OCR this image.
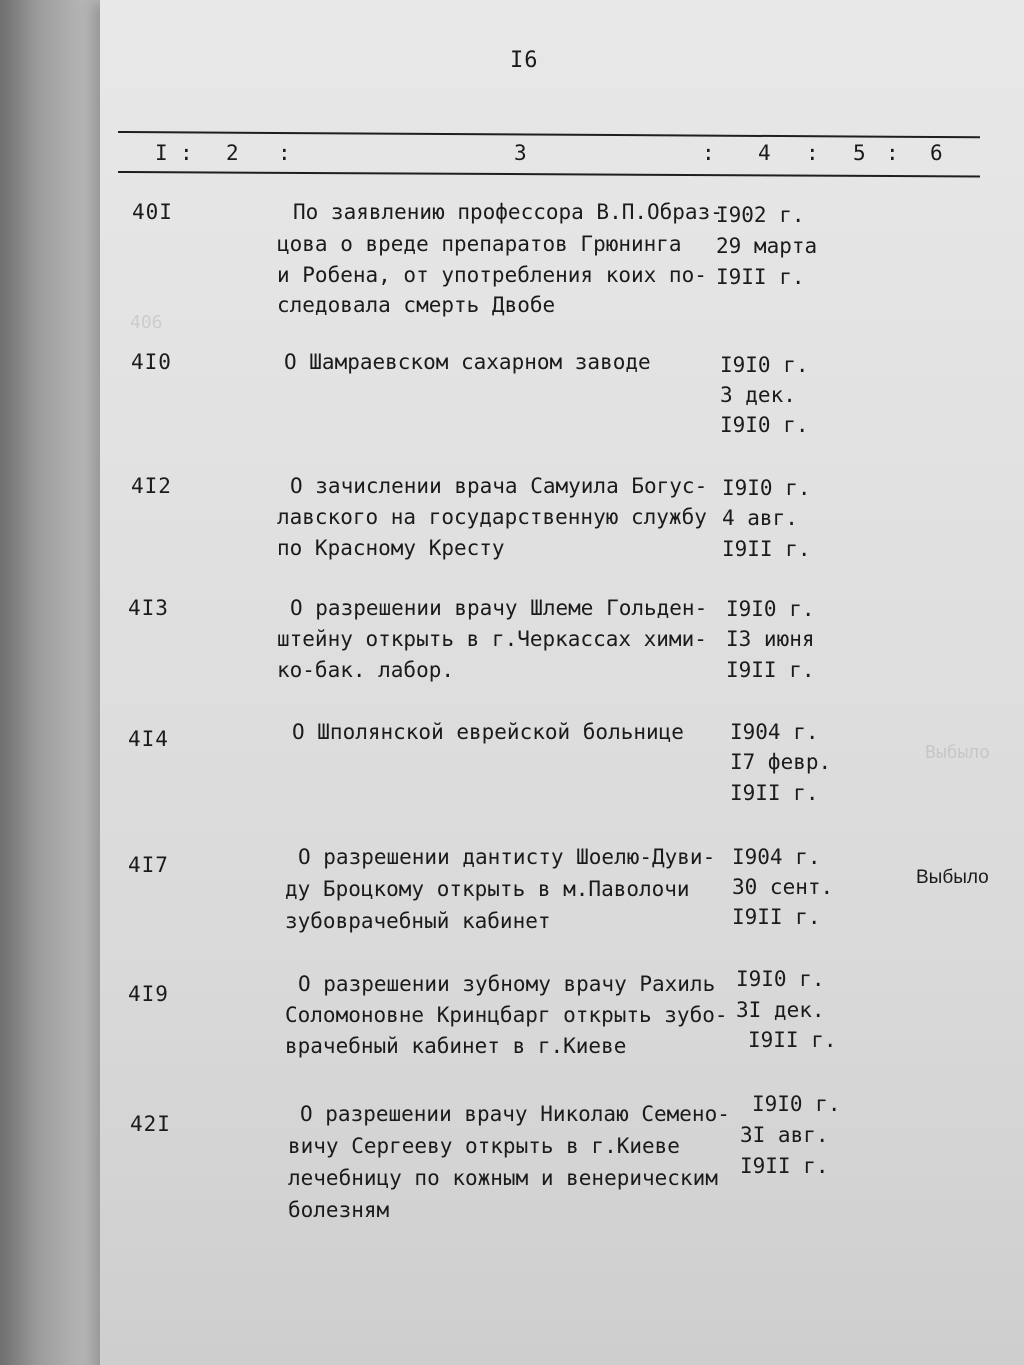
406
Выбыло
I6
I : 2 :	3	: 4 : 5 : 6
40I	По заявлению профессора В.П.Образ-
цова о вреде препаратов Грюнинга
и Робена, от употребления коих по-
следовала смерть Двобе
I902 г.
29 марта
I9II г.
4I0	О Шамраевском сахарном заводе	I9I0 г.
3 дек.
I9I0 г.
4I2	О зачислении врача Самуила Богус-
лавского на государственную службу
по Красному Кресту
I9I0 г.
4 авг.
I9II г.
4I3	О разрешении врачу Шлеме Гольден-
штейну открыть в г.Черкассах хими-
ко-бак. лабор.
I9I0 г.
I3 июня
I9II г.
4I4	О Шполянской еврейской больнице I904 г.
I7 февр.
I9II г.
4I7	О разрешении дантисту Шоелю-Дуви-
ду Броцкому открыть в м.Паволочи
зубоврачебный кабинет
I904 г.
30 сент.
I9II г.
Выбыло
4I9	О разрешении зубному врачу Рахиль
Соломоновне Кринцбарг открыть зубо-
врачебный кабинет в г.Киеве
I9I0 г.
3I дек.
I9II г.
42I	О разрешении врачу Николаю Семено-
вичу Сергееву открыть в г.Киеве
лечебницу по кожным и венерическим
болезням
I9I0 г.
3I авг.
I9II г.
